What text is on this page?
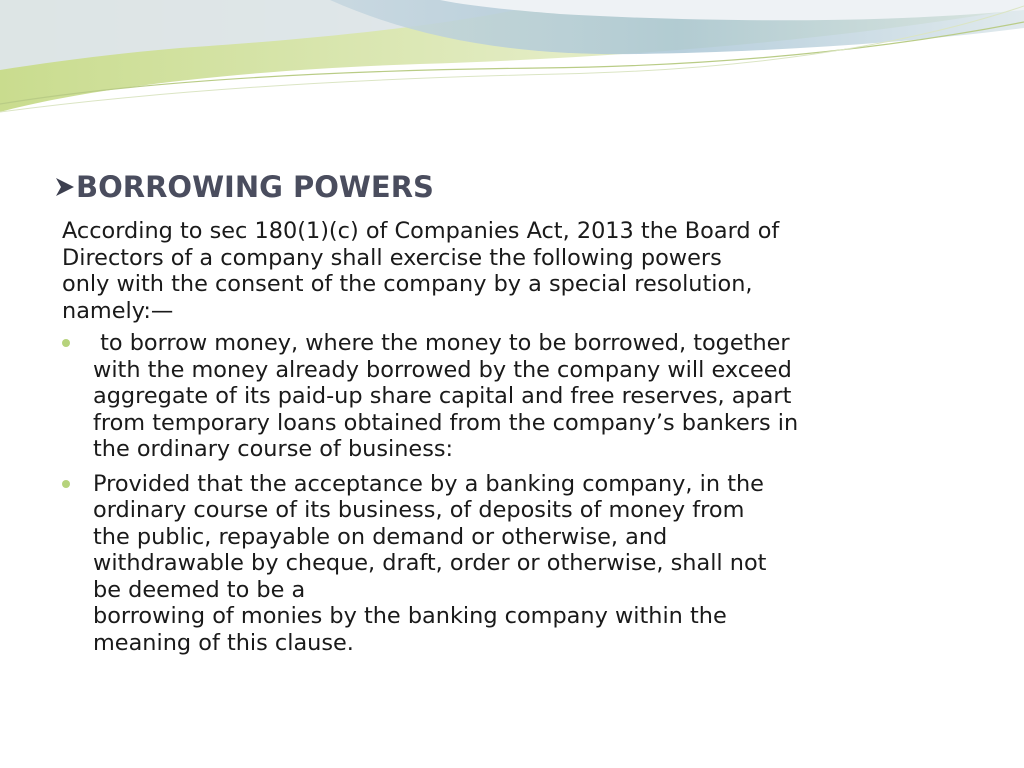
BORROWING POWERS

According to sec 180(1)(c) of Companies Act, 2013 the Board of
Directors of a company shall exercise the following powers
only with the consent of the company by a special resolution,
namely:—

to borrow money, where the money to be borrowed, together
with the money already borrowed by the company will exceed
aggregate of its paid-up share capital and free reserves, apart
from temporary loans obtained from the company’s bankers in
the ordinary course of business:
Provided that the acceptance by a banking company, in the
ordinary course of its business, of deposits of money from
the public, repayable on demand or otherwise, and
withdrawable by cheque, draft, order or otherwise, shall not
be deemed to be a
borrowing of monies by the banking company within the
meaning of this clause.
